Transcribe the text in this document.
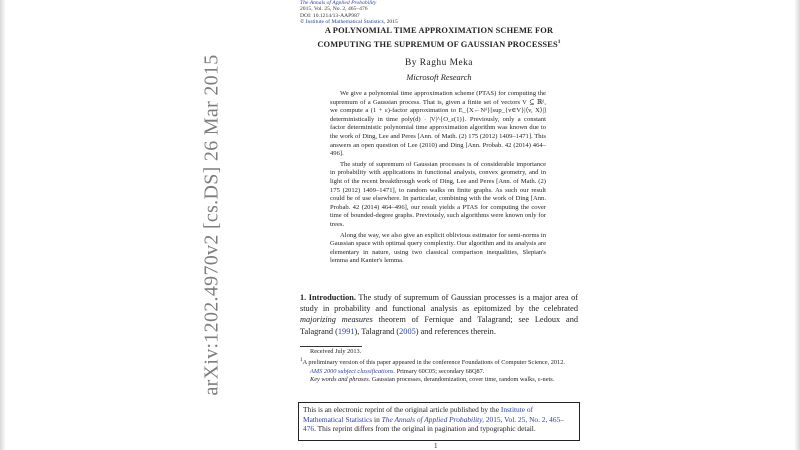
arXiv:1202.4970v2 [cs.DS] 26 Mar 2015
The Annals of Applied Probability
2015, Vol. 25, No. 2, 465–476
DOI: 10.1214/13-AAP987
© Institute of Mathematical Statistics, 2015
A POLYNOMIAL TIME APPROXIMATION SCHEME FOR
COMPUTING THE SUPREMUM OF GAUSSIAN PROCESSES$^1$
By Raghu Meka
Microsoft Research

We give a polynomial time approximation scheme (PTAS) for computing the supremum of a Gaussian process. That is, given a finite set of vectors V ⊆ ℝᵈ, we compute a (1 + ε)-factor approximation to E_{X←Nᵈ}[sup_{v∈V}|⟨v, X⟩|] deterministically in time poly(d) · |V|^{O_ε(1)}. Previously, only a constant factor deterministic polynomial time approximation algorithm was known due to the work of Ding, Lee and Peres [Ann. of Math. (2) 175 (2012) 1409–1471]. This answers an open question of Lee (2010) and Ding [Ann. Probab. 42 (2014) 464–496].

The study of supremum of Gaussian processes is of considerable importance in probability with applications in functional analysis, convex geometry, and in light of the recent breakthrough work of Ding, Lee and Peres [Ann. of Math. (2) 175 (2012) 1409–1471], to random walks on finite graphs. As such our result could be of use elsewhere. In particular, combining with the work of Ding [Ann. Probab. 42 (2014) 464–496], our result yields a PTAS for computing the cover time of bounded-degree graphs. Previously, such algorithms were known only for trees.

Along the way, we also give an explicit oblivious estimator for semi-norms in Gaussian space with optimal query complexity. Our algorithm and its analysis are elementary in nature, using two classical comparison inequalities, Slepian's lemma and Kanter's lemma.

1. Introduction. The study of supremum of Gaussian processes is a major area of study in probability and functional analysis as epitomized by the celebrated majorizing measures theorem of Fernique and Talagrand; see Ledoux and Talagrand (1991), Talagrand (2005) and references therein.

Received July 2013.

$^1$A preliminary version of this paper appeared in the conference Foundations of Computer Science, 2012.

AMS 2000 subject classifications. Primary 60C05; secondary 68Q87.

Key words and phrases. Gaussian processes, derandomization, cover time, random walks, ε-nets.

This is an electronic reprint of the original article published by the Institute of Mathematical Statistics in The Annals of Applied Probability, 2015, Vol. 25, No. 2, 465–476. This reprint differs from the original in pagination and typographic detail.
1
